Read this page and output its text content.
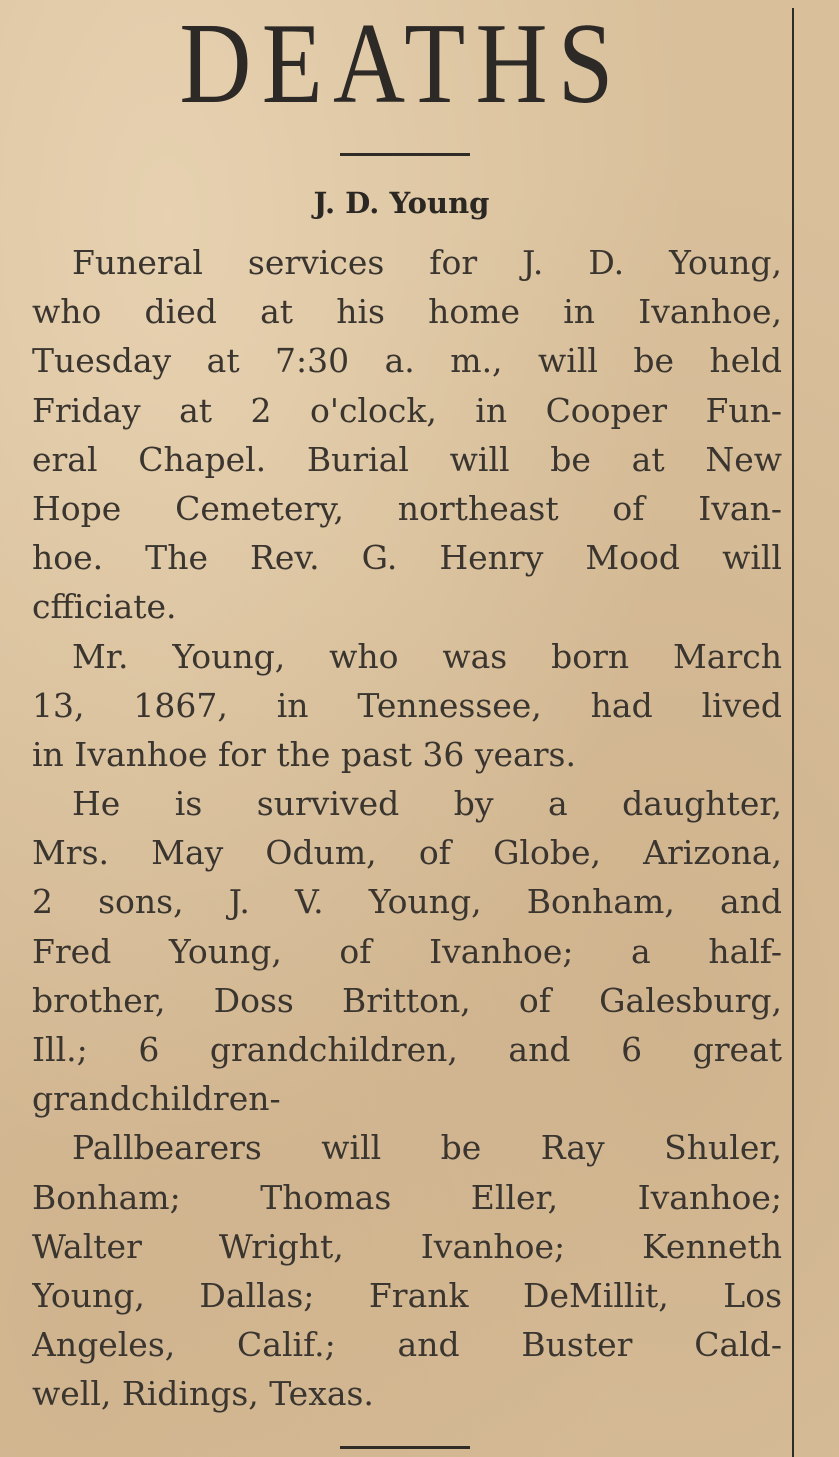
DEATHS
J. D. Young

Funeral services for J. D. Young,
who died at his home in Ivanhoe,
Tuesday at 7:30 a. m., will be held
Friday at 2 o'clock, in Cooper Fun-
eral Chapel. Burial will be at New
Hope Cemetery, northeast of Ivan-
hoe. The Rev. G. Henry Mood will
cfficiate.

Mr. Young, who was born March
13, 1867, in Tennessee, had lived
in Ivanhoe for the past 36 years.

He is survived by a daughter,
Mrs. May Odum, of Globe, Arizona,
2 sons, J. V. Young, Bonham, and
Fred Young, of Ivanhoe; a half-
brother, Doss Britton, of Galesburg,
Ill.; 6 grandchildren, and 6 great
grandchildren-

Pallbearers will be Ray Shuler,
Bonham; Thomas Eller, Ivanhoe;
Walter Wright, Ivanhoe; Kenneth
Young, Dallas; Frank DeMillit, Los
Angeles, Calif.; and Buster Cald-
well, Ridings, Texas.
